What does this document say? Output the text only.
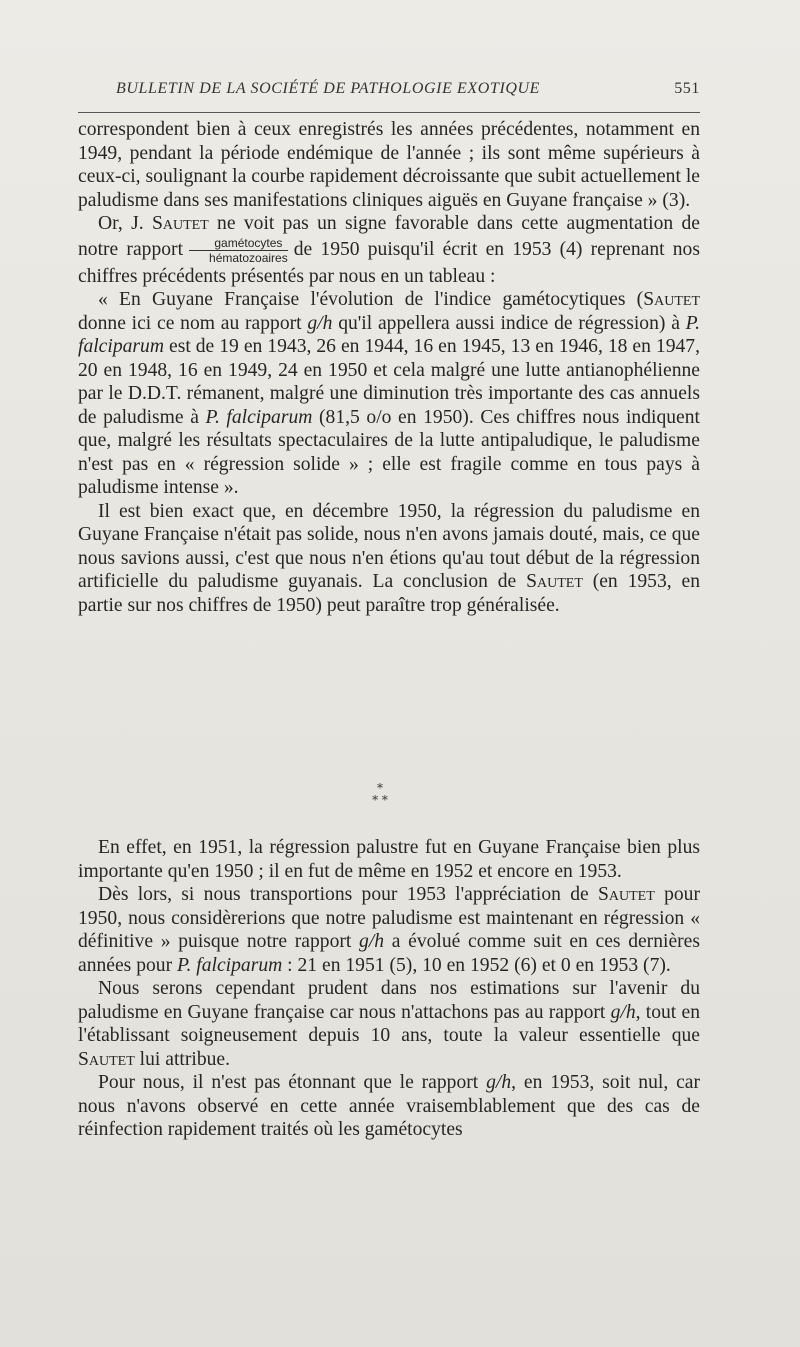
BULLETIN DE LA SOCIÉTÉ DE PATHOLOGIE EXOTIQUE	551

correspondent bien à ceux enregistrés les années précédentes, notamment en 1949, pendant la période endémique de l'année ; ils sont même supérieurs à ceux-ci, soulignant la courbe rapidement décroissante que subit actuellement le paludisme dans ses manifestations cliniques aiguës en Guyane française » (3).

Or, J. Sautet ne voit pas un signe favorable dans cette augmentation de notre rapport $\frac{\text{gamétocytes}}{\text{hématozoaires}}$ de 1950 puisqu'il écrit en 1953 (4) reprenant nos chiffres précédents présentés par nous en un tableau :

« En Guyane Française l'évolution de l'indice gamétocytiques (Sautet donne ici ce nom au rapport g/h qu'il appellera aussi indice de régression) à P. falciparum est de 19 en 1943, 26 en 1944, 16 en 1945, 13 en 1946, 18 en 1947, 20 en 1948, 16 en 1949, 24 en 1950 et cela malgré une lutte antianophélienne par le D.D.T. rémanent, malgré une diminution très importante des cas annuels de paludisme à P. falciparum (81,5 o/o en 1950). Ces chiffres nous indiquent que, malgré les résultats spectaculaires de la lutte antipaludique, le paludisme n'est pas en « régression solide » ; elle est fragile comme en tous pays à paludisme intense ».

Il est bien exact que, en décembre 1950, la régression du paludisme en Guyane Française n'était pas solide, nous n'en avons jamais douté, mais, ce que nous savions aussi, c'est que nous n'en étions qu'au tout début de la régression artificielle du paludisme guyanais. La conclusion de Sautet (en 1953, en partie sur nos chiffres de 1950) peut paraître trop généralisée.

*
* *

En effet, en 1951, la régression palustre fut en Guyane Française bien plus importante qu'en 1950 ; il en fut de même en 1952 et encore en 1953.

Dès lors, si nous transportions pour 1953 l'appréciation de Sautet pour 1950, nous considèrerions que notre paludisme est maintenant en régression « définitive » puisque notre rapport g/h a évolué comme suit en ces dernières années pour P. falciparum : 21 en 1951 (5), 10 en 1952 (6) et 0 en 1953 (7).

Nous serons cependant prudent dans nos estimations sur l'avenir du paludisme en Guyane française car nous n'attachons pas au rapport g/h, tout en l'établissant soigneusement depuis 10 ans, toute la valeur essentielle que Sautet lui attribue.

Pour nous, il n'est pas étonnant que le rapport g/h, en 1953, soit nul, car nous n'avons observé en cette année vraisemblablement que des cas de réinfection rapidement traités où les gamétocytes
